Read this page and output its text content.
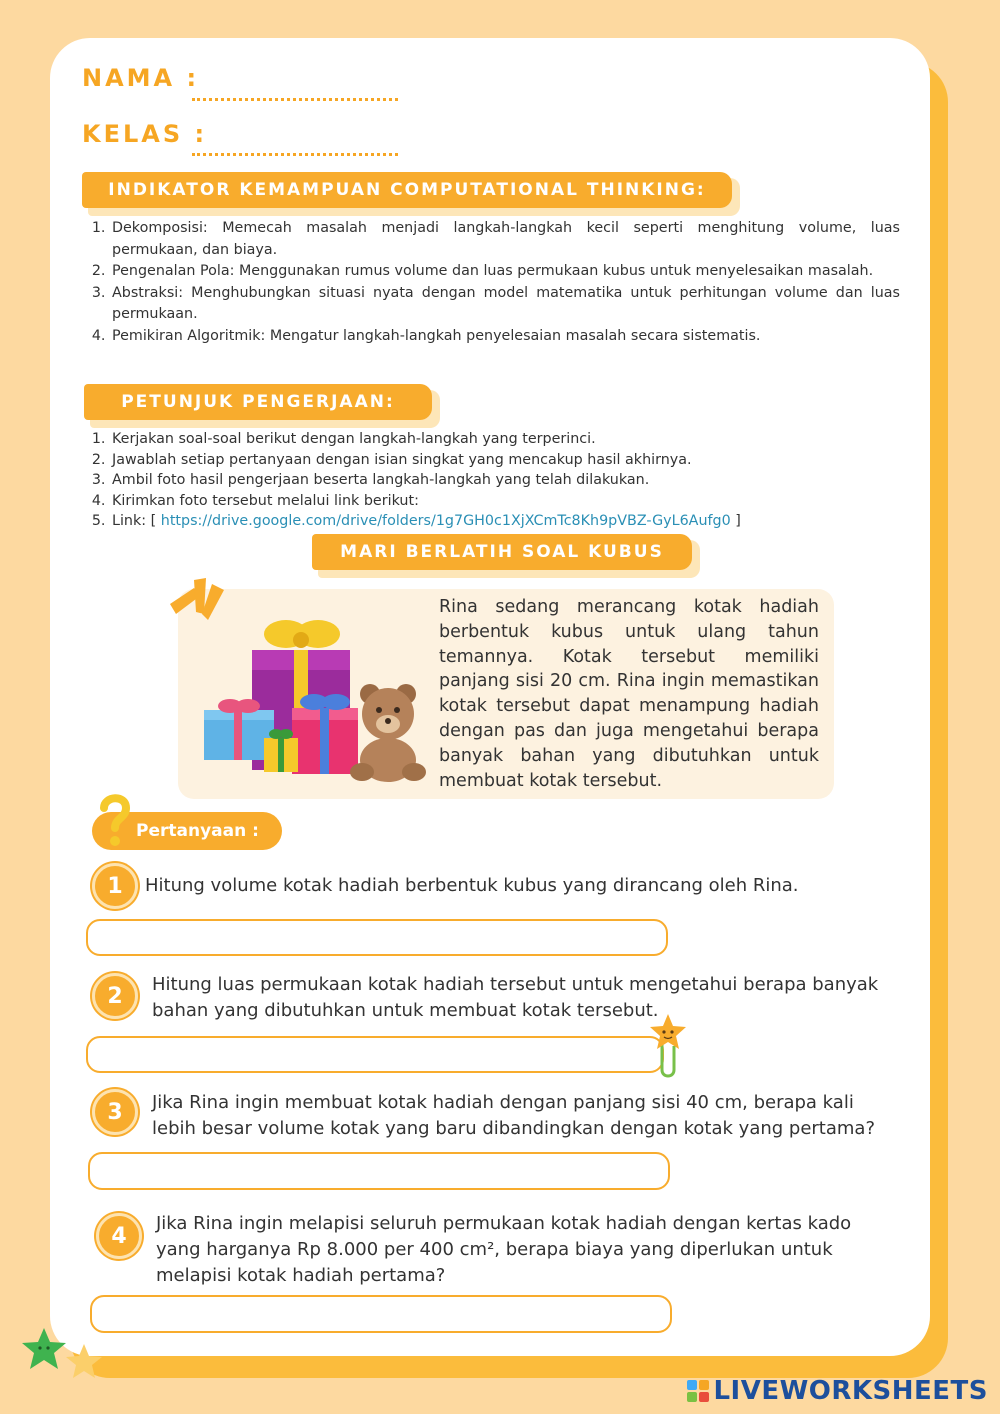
NAMA :
KELAS :
INDIKATOR KEMAMPUAN COMPUTATIONAL THINKING:
1. Dekomposisi: Memecah masalah menjadi langkah-langkah kecil seperti menghitung volume, luas permukaan, dan biaya.
2. Pengenalan Pola: Menggunakan rumus volume dan luas permukaan kubus untuk menyelesaikan masalah.
3. Abstraksi: Menghubungkan situasi nyata dengan model matematika untuk perhitungan volume dan luas permukaan.
4. Pemikiran Algoritmik: Mengatur langkah-langkah penyelesaian masalah secara sistematis.
PETUNJUK PENGERJAAN:
1. Kerjakan soal-soal berikut dengan langkah-langkah yang terperinci.
2. Jawablah setiap pertanyaan dengan isian singkat yang mencakup hasil akhirnya.
3. Ambil foto hasil pengerjaan beserta langkah-langkah yang telah dilakukan.
4. Kirimkan foto tersebut melalui link berikut:
5. Link: [ https://drive.google.com/drive/folders/1g7GH0c1XjXCmTc8Kh9pVBZ-GyL6Aufg0 ]
MARI BERLATIH SOAL KUBUS
Rina sedang merancang kotak hadiah berbentuk kubus untuk ulang tahun temannya. Kotak tersebut memiliki panjang sisi 20 cm. Rina ingin memastikan kotak tersebut dapat menampung hadiah dengan pas dan juga mengetahui berapa banyak bahan yang dibutuhkan untuk membuat kotak tersebut.
Pertanyaan :
1	Hitung volume kotak hadiah berbentuk kubus yang dirancang oleh Rina.
2	Hitung luas permukaan kotak hadiah tersebut untuk mengetahui berapa banyak bahan yang dibutuhkan untuk membuat kotak tersebut.
3	Jika Rina ingin membuat kotak hadiah dengan panjang sisi 40 cm, berapa kali lebih besar volume kotak yang baru dibandingkan dengan kotak yang pertama?
4	Jika Rina ingin melapisi seluruh permukaan kotak hadiah dengan kertas kado yang harganya Rp 8.000 per 400 cm², berapa biaya yang diperlukan untuk melapisi kotak hadiah pertama?
LIVEWORKSHEETS
